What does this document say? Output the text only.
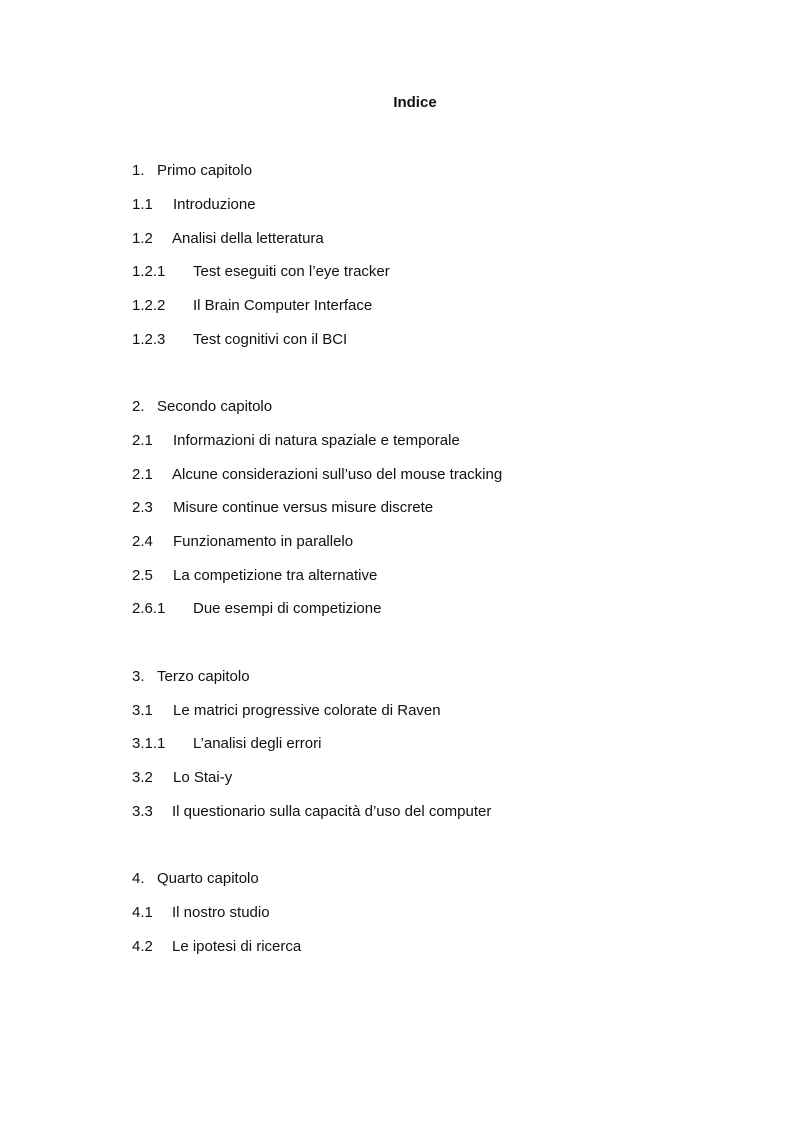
Indice
1. Primo capitolo
1.1 Introduzione
1.2 Analisi della letteratura
1.2.1 Test eseguiti con l’eye tracker
1.2.2 Il Brain Computer Interface
1.2.3 Test cognitivi con il BCI
2. Secondo capitolo
2.1 Informazioni di natura spaziale e temporale
2.1 Alcune considerazioni sull’uso del mouse tracking
2.3 Misure continue versus misure discrete
2.4 Funzionamento in parallelo
2.5 La competizione tra alternative
2.6.1 Due esempi di competizione
3. Terzo capitolo
3.1 Le matrici progressive colorate di Raven
3.1.1 L’analisi degli errori
3.2 Lo Stai-y
3.3 Il questionario sulla capacità d’uso del computer
4. Quarto capitolo
4.1 Il nostro studio
4.2 Le ipotesi di ricerca
